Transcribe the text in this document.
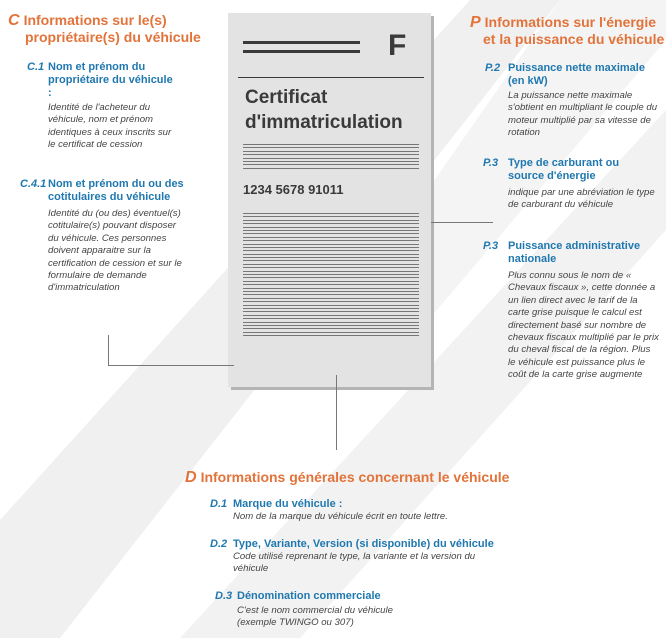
F
Certificat
d'immatriculation
1234 5678 91011
C Informations sur le(s)
propriétaire(s) du véhicule
C.1 Nom et prénom du propriétaire du véhicule :
Identité de l'acheteur du véhicule, nom et prénom identiques à ceux inscrits sur le certificat de cession
C.4.1 Nom et prénom du ou des cotitulaires du véhicule
Identité du (ou des) éventuel(s) cotitulaire(s) pouvant disposer du véhicule. Ces personnes doivent apparaitre sur la certification de cession et sur le formulaire de demande d'immatriculation
P Informations sur l'énergie
et la puissance du véhicule
P.2 Puissance nette maximale (en kW)
La puissance nette maximale s'obtient en multipliant le couple du moteur multiplié par sa vitesse de rotation
P.3 Type de carburant ou source d'énergie
indique par une abréviation le type de carburant du véhicule
P.3 Puissance administrative nationale
Plus connu sous le nom de « Chevaux fiscaux », cette donnée a un lien direct avec le tarif de la carte grise puisque le calcul est directement basé sur nombre de chevaux fiscaux multiplié par le prix du cheval fiscal de la région. Plus le véhicule est puissance plus le coût de la carte grise augmente
D Informations générales concernant le véhicule
D.1 Marque du véhicule :
Nom de la marque du véhicule écrit en toute lettre.
D.2 Type, Variante, Version (si disponible) du véhicule
Code utilisé reprenant le type, la variante et la version du véhicule
D.3 Dénomination commerciale
C'est le nom commercial du véhicule (exemple TWINGO ou 307)
